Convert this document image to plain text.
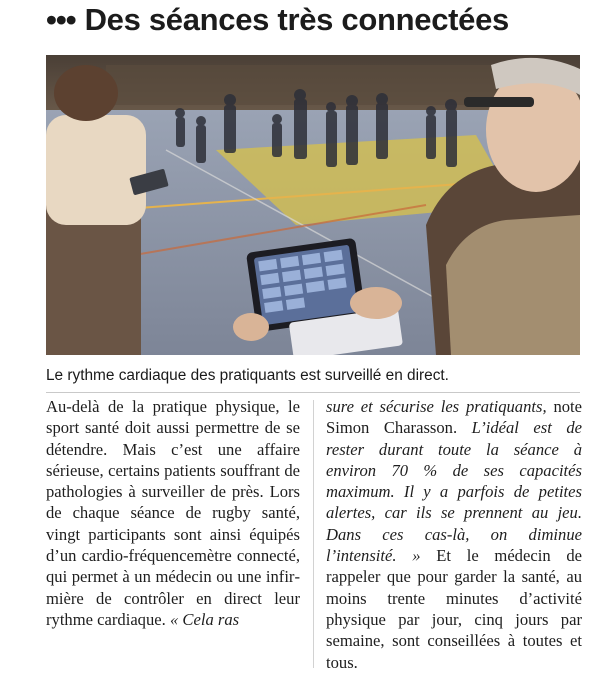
••• Des séances très connectées
Le rythme cardiaque des pratiquants est surveillé en direct.

Au-delà de la pratique physique, le sport santé doit aussi permettre de se détendre. Mais c’est une affaire sérieuse, certains patients souffrant de pathologies à surveiller de près. Lors de chaque séance de rugby santé, vingt participants sont ainsi équipés d’un cardio-fréquencemètre connecté, qui permet à un médecin ou une infirmière de contrôler en direct leur rythme cardiaque. « Cela ras

sure et sécurise les pratiquants, note Simon Charasson. L’idéal est de rester durant toute la séance à environ 70 % de ses capacités maximum. Il y a parfois de petites alertes, car ils se prennent au jeu. Dans ces cas-là, on diminue l’intensité. » Et le médecin de rappeler que pour garder la santé, au moins trente minutes d’activité physique par jour, cinq jours par semaine, sont conseillées à toutes et tous.
